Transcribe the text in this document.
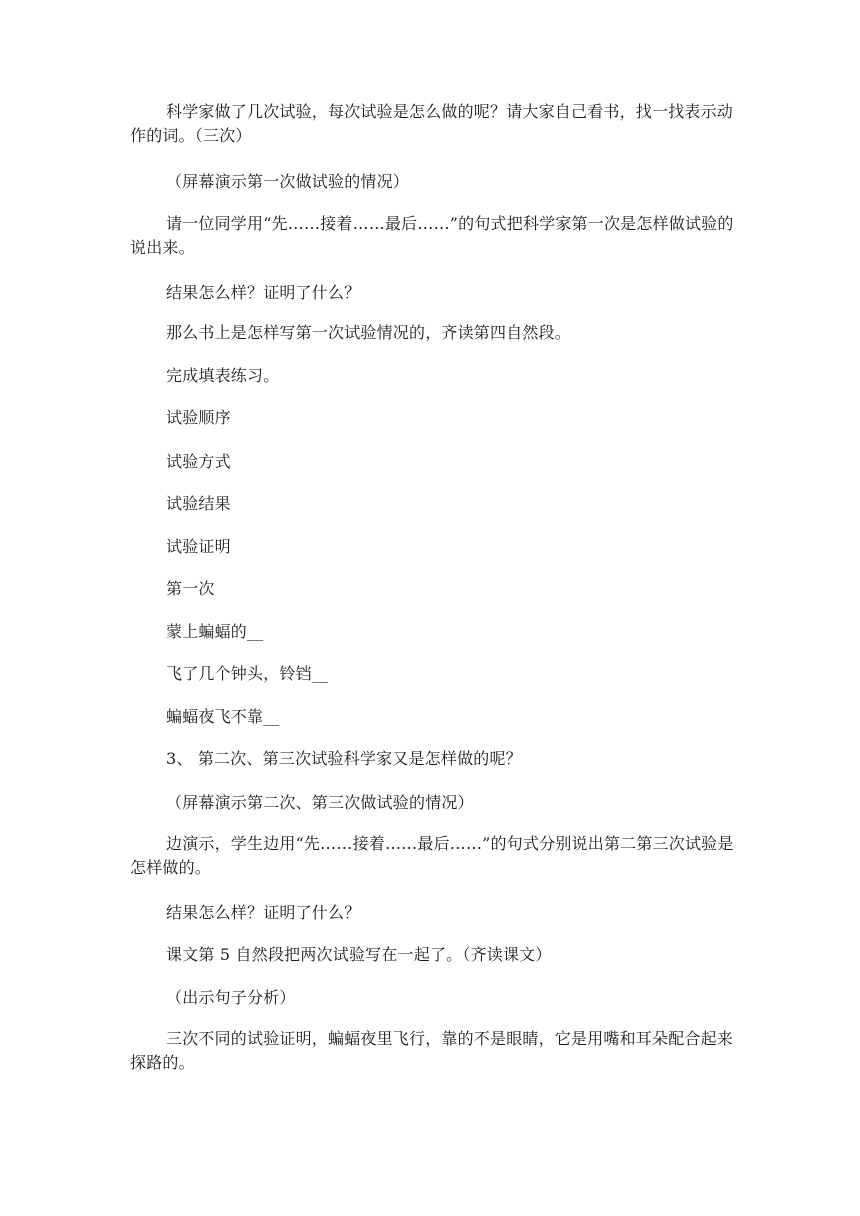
科学家做了几次试验，每次试验是怎么做的呢？请大家自己看书，找一找表示动作的词。（三次）

（屏幕演示第一次做试验的情况）

请一位同学用“先……接着……最后……”的句式把科学家第一次是怎样做试验的说出来。

结果怎么样？证明了什么？

那么书上是怎样写第一次试验情况的，齐读第四自然段。

完成填表练习。

试验顺序

试验方式

试验结果

试验证明

第一次

蒙上蝙蝠的__

飞了几个钟头，铃铛__

蝙蝠夜飞不靠__

3、 第二次、第三次试验科学家又是怎样做的呢？

（屏幕演示第二次、第三次做试验的情况）

边演示，学生边用“先……接着……最后……”的句式分别说出第二第三次试验是怎样做的。

结果怎么样？证明了什么？

课文第 5 自然段把两次试验写在一起了。（齐读课文）

（出示句子分析）

三次不同的试验证明，蝙蝠夜里飞行，靠的不是眼睛，它是用嘴和耳朵配合起来探路的。
